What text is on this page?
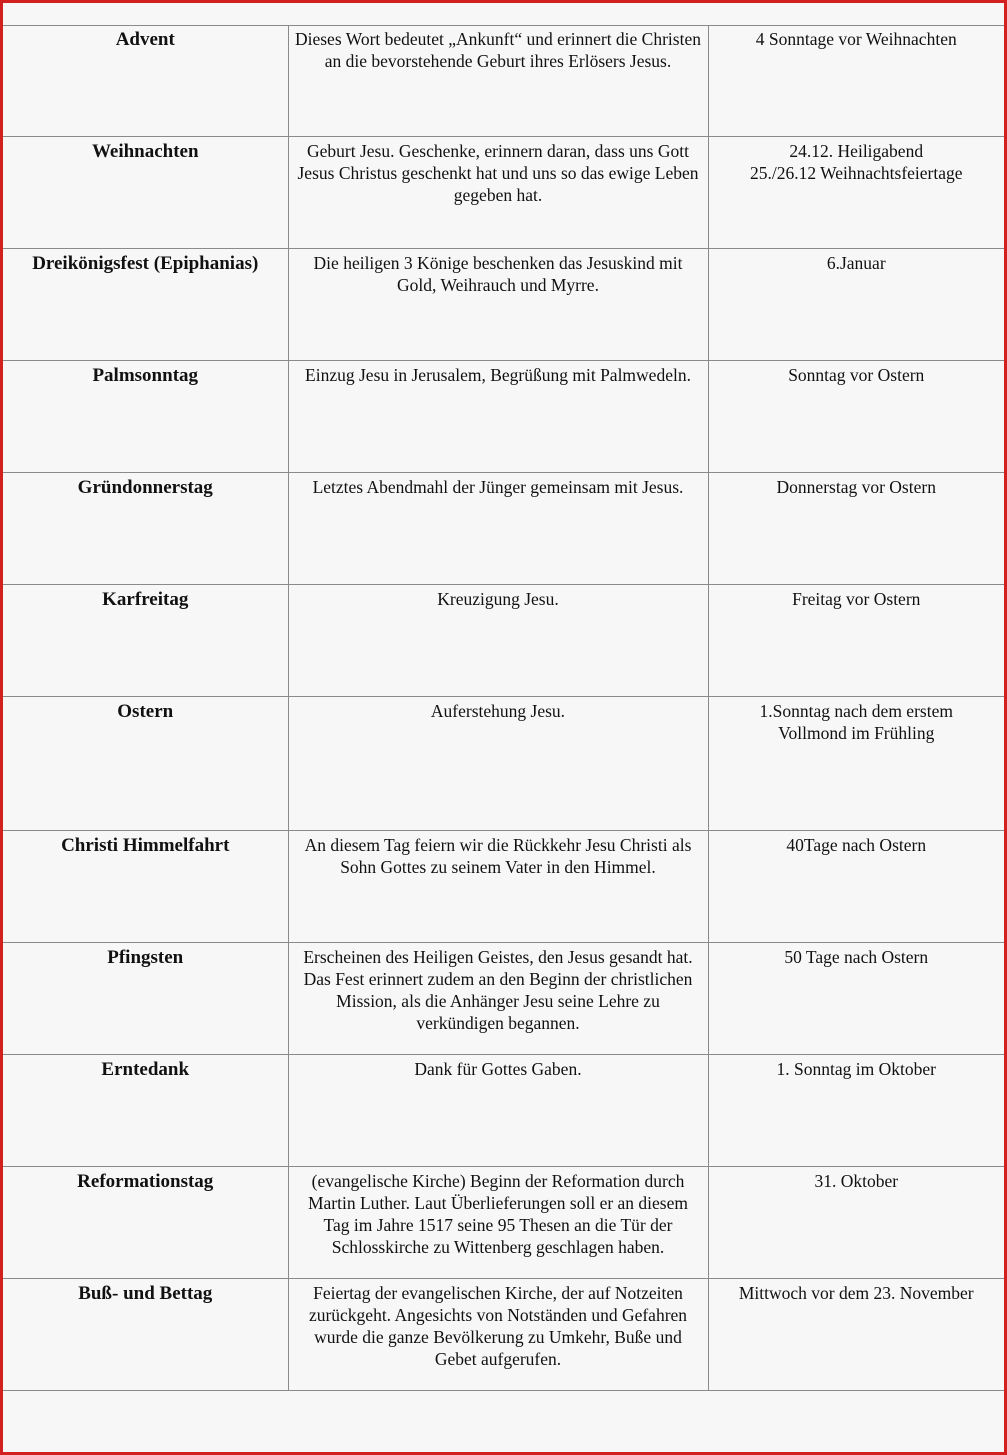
Advent	Dieses Wort bedeutet „Ankunft“ und erinnert die Christen an die bevorstehende Geburt ihres Erlösers Jesus.	4 Sonntage vor Weihnachten

Weihnachten	Geburt Jesu. Geschenke, erinnern daran, dass uns Gott Jesus Christus geschenkt hat und uns so das ewige Leben gegeben hat.	24.12. Heiligabend
25./26.12 Weihnachtsfeiertage

Dreikönigsfest (Epiphanias)	Die heiligen 3 Könige beschenken das Jesuskind mit Gold, Weihrauch und Myrre.	6.Januar

Palmsonntag	Einzug Jesu in Jerusalem, Begrüßung mit Palmwedeln.	Sonntag vor Ostern

Gründonnerstag	Letztes Abendmahl der Jünger gemeinsam mit Jesus.	Donnerstag vor Ostern

Karfreitag	Kreuzigung Jesu.	Freitag vor Ostern

Ostern	Auferstehung Jesu.	1.Sonntag nach dem erstem
Vollmond im Frühling

Christi Himmelfahrt	An diesem Tag feiern wir die Rückkehr Jesu Christi als Sohn Gottes zu seinem Vater in den Himmel.	40Tage nach Ostern

Pfingsten	Erscheinen des Heiligen Geistes, den Jesus gesandt hat. Das Fest erinnert zudem an den Beginn der christlichen Mission, als die Anhänger Jesu seine Lehre zu verkündigen begannen.	50 Tage nach Ostern

Erntedank	Dank für Gottes Gaben.	1. Sonntag im Oktober

Reformationstag	(evangelische Kirche) Beginn der Reformation durch Martin Luther. Laut Überlieferungen soll er an diesem Tag im Jahre 1517 seine 95 Thesen an die Tür der Schlosskirche zu Wittenberg geschlagen haben.	31. Oktober

Buß- und Bettag	Feiertag der evangelischen Kirche, der auf Notzeiten zurückgeht. Angesichts von Notständen und Gefahren wurde die ganze Bevölkerung zu Umkehr, Buße und Gebet aufgerufen.	Mittwoch vor dem 23. November
